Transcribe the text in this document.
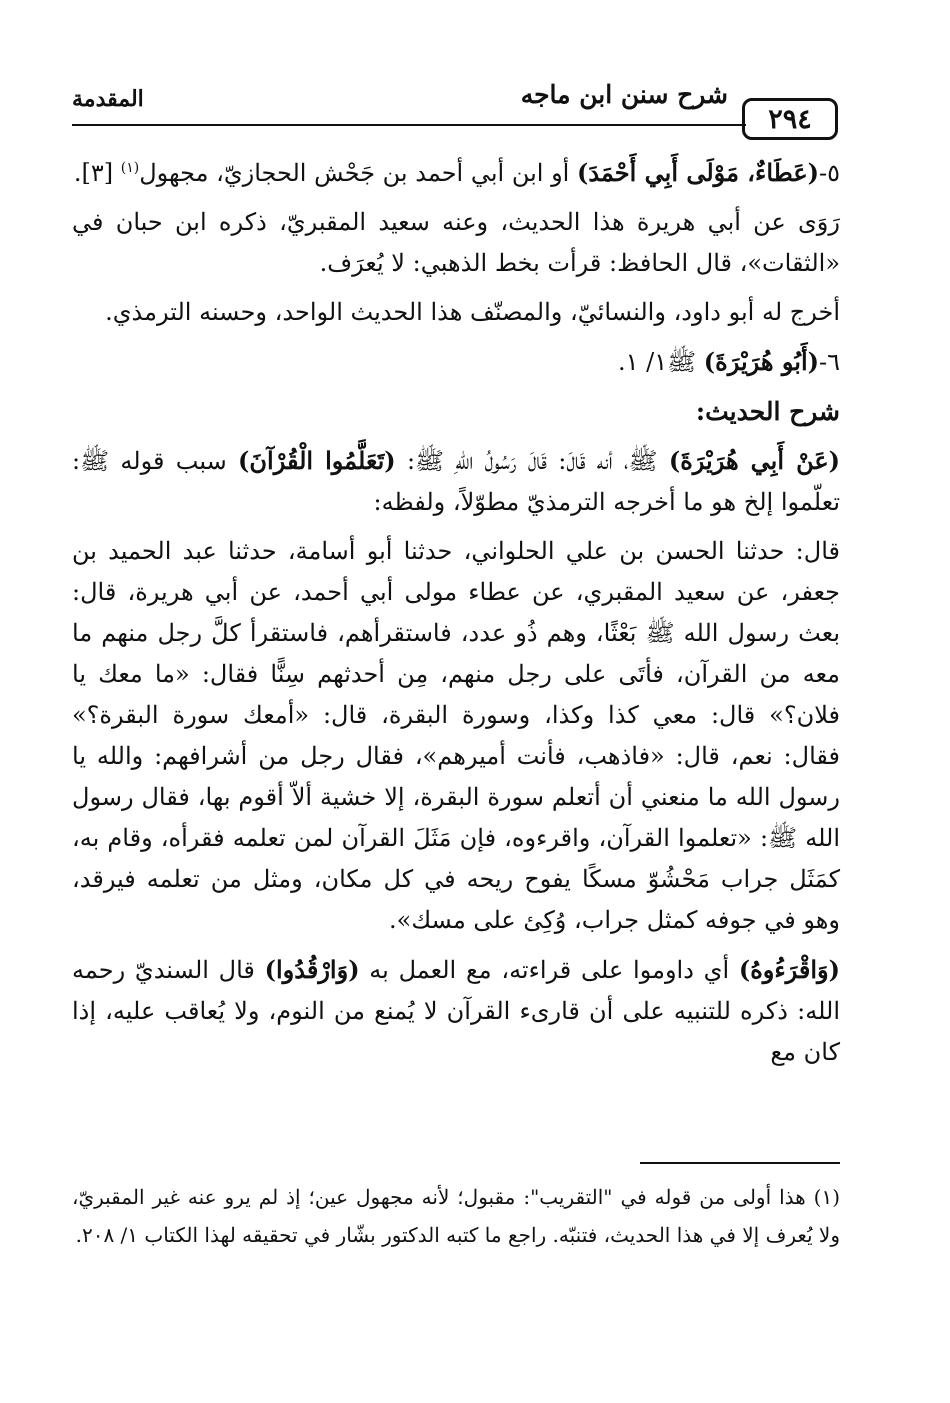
٢٩٤
شرح سنن ابن ماجه
المقدمة

٥-(عَطَاءٌ، مَوْلَى أَبِي أَحْمَدَ) أو ابن أبي أحمد بن جَحْش الحجازيّ، مجهول$^{(١)}$ [٣].

رَوَى عن أبي هريرة هذا الحديث، وعنه سعيد المقبريّ، ذكره ابن حبان في «الثقات»، قال الحافظ: قرأت بخط الذهبي: لا يُعرَف.

أخرج له أبو داود، والنسائيّ، والمصنّف هذا الحديث الواحد، وحسنه الترمذي.

٦-(أَبُو هُرَيْرَةَ) ﷺ١/ ١.

شرح الحديث:

(عَنْ أَبِي هُرَيْرَةَ) ﷺ، أنه قَالَ: قَالَ رَسُولُ اللهِ ﷺ: (تَعَلَّمُوا الْقُرْآنَ) سبب قوله ﷺ: تعلّموا إلخ هو ما أخرجه الترمذيّ مطوّلاً، ولفظه:

قال: حدثنا الحسن بن علي الحلواني، حدثنا أبو أسامة، حدثنا عبد الحميد بن جعفر، عن سعيد المقبري، عن عطاء مولى أبي أحمد، عن أبي هريرة، قال: بعث رسول الله ﷺ بَعْثًا، وهم ذُو عدد، فاستقرأهم، فاستقرأ كلَّ رجل منهم ما معه من القرآن، فأتَى على رجل منهم، مِن أحدثهم سِنًّا فقال: «ما معك يا فلان؟» قال: معي كذا وكذا، وسورة البقرة، قال: «أمعك سورة البقرة؟» فقال: نعم، قال: «فاذهب، فأنت أميرهم»، فقال رجل من أشرافهم: والله يا رسول الله ما منعني أن أتعلم سورة البقرة، إلا خشية ألاّ أقوم بها، فقال رسول الله ﷺ: «تعلموا القرآن، واقرءوه، فإن مَثَلَ القرآن لمن تعلمه فقرأه، وقام به، كمَثَل جراب مَحْشُوّ مسكًا يفوح ريحه في كل مكان، ومثل من تعلمه فيرقد، وهو في جوفه كمثل جراب، وُكِئ على مسك».

(وَاقْرَءُوهُ) أي داوموا على قراءته، مع العمل به (وَارْقُدُوا) قال السنديّ رحمه الله: ذكره للتنبيه على أن قارىء القرآن لا يُمنع من النوم، ولا يُعاقب عليه، إذا كان مع

(١) هذا أولى من قوله في "التقريب": مقبول؛ لأنه مجهول عين؛ إذ لم يرو عنه غير المقبريّ، ولا يُعرف إلا في هذا الحديث، فتنبّه. راجع ما كتبه الدكتور بشّار في تحقيقه لهذا الكتاب ١/ ٢٠٨.
